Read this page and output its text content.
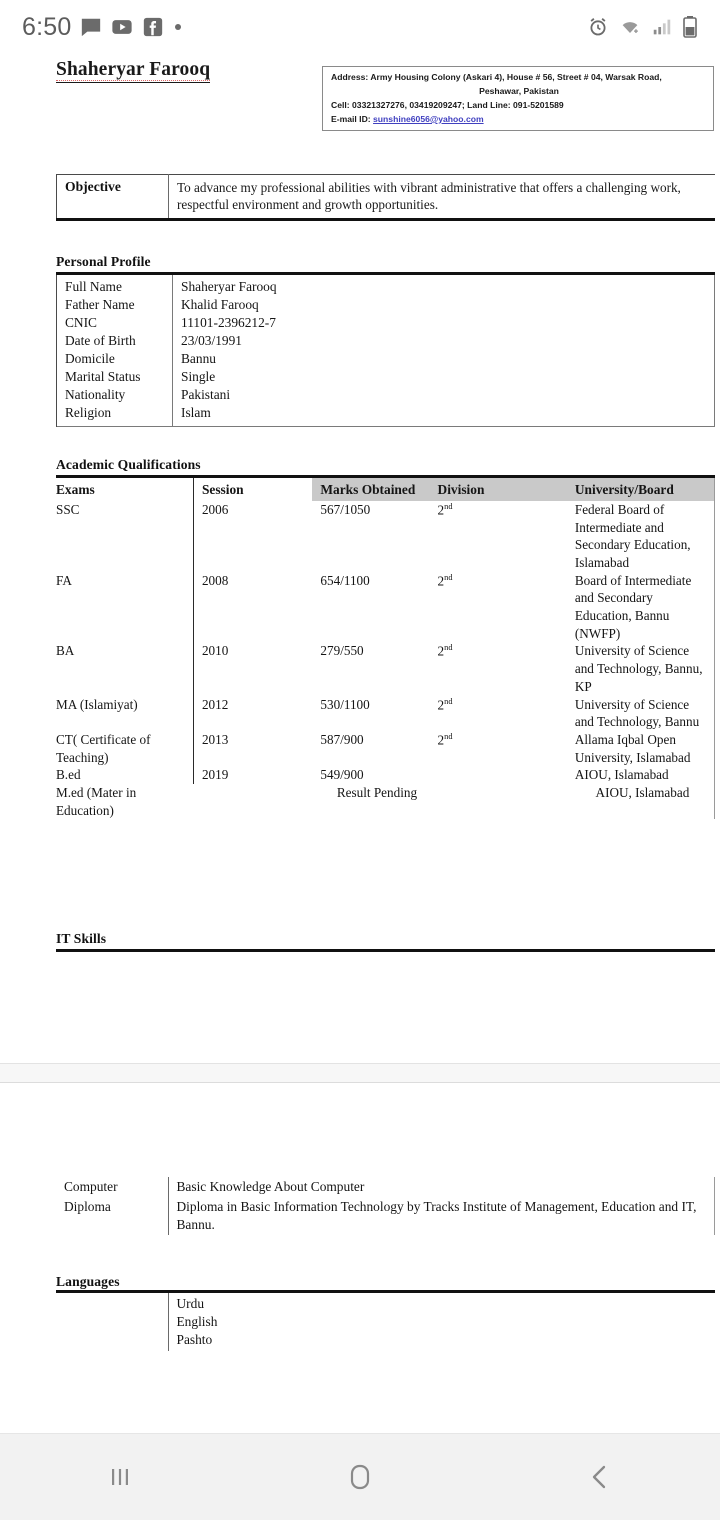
6:50
Shaheryar Farooq	Address: Army Housing Colony (Askari 4), House # 56, Street # 04, Warsak Road,
Peshawar, Pakistan
Cell: 03321327276, 03419209247; Land Line: 091-5201589
E-mail ID: sunshine6056@yahoo.com
Objective	To advance my professional abilities with vibrant administrative that offers a challenging work, respectful environment and growth opportunities.
Personal Profile
Full Name	Shaheryar Farooq
Father Name	Khalid Farooq
CNIC	11101-2396212-7
Date of Birth	23/03/1991
Domicile	Bannu
Marital Status	Single
Nationality	Pakistani
Religion	Islam
Academic Qualifications
Exams	Session	Marks Obtained	Division	University/Board
SSC	2006	567/1050	2nd	Federal Board of Intermediate and Secondary Education, Islamabad
FA	2008	654/1100	2nd	Board of Intermediate and Secondary Education, Bannu (NWFP)
BA	2010	279/550	2nd	University of Science and Technology, Bannu, KP
MA (Islamiyat)	2012	530/1100	2nd	University of Science and Technology, Bannu
CT( Certificate of Teaching)	2013	587/900	2nd	Allama Iqbal Open University, Islamabad
B.ed	2019	549/900		AIOU, Islamabad
M.ed (Mater in Education)		Result Pending		AIOU, Islamabad
IT Skills
Computer	Basic Knowledge About Computer
Diploma	Diploma in Basic Information Technology by Tracks Institute of Management, Education and IT, Bannu.
Languages

Urdu
English
Pashto
